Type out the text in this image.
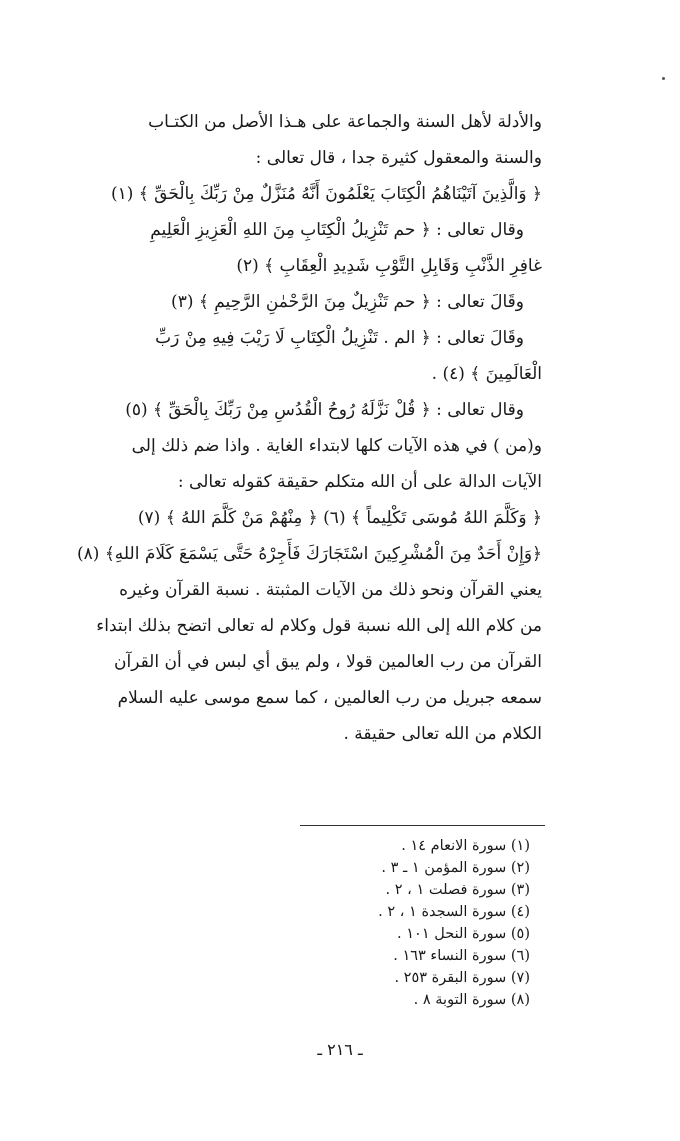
والأدلة لأهل السنة والجماعة على هـذا الأصل من الكتـاب
والسنة والمعقول كثيرة جدا ، قال تعالى :
﴿ وَالَّذِينَ آتَيْنَاهُمُ الْكِتَابَ يَعْلَمُونَ أَنَّهُ مُنَزَّلٌ مِنْ رَبِّكَ بِالْحَقِّ ﴾ (١)
وقال تعالى : ﴿ حم تَنْزِيلُ الْكِتَابِ مِنَ اللهِ الْعَزِيزِ الْعَلِيمِ
غافِرِ الذَّنْبِ وَقَابِلِ التَّوْبِ شَدِيدِ الْعِقَابِ ﴾ (٢)
وقَالَ تعالى : ﴿ حم تَنْزِيلٌ مِنَ الرَّحْمٰنِ الرَّحِيمِ ﴾ (٣)
وقَالَ تعالى : ﴿ الم . تَنْزِيلُ الْكِتَابِ لَا رَيْبَ فِيهِ مِنْ رَبِّ
الْعَالَمِينَ ﴾ (٤) .
وقال تعالى : ﴿ قُلْ نَزَّلَهُ رُوحُ الْقُدُسِ مِنْ رَبِّكَ بِالْحَقِّ ﴾ (٥)
و(من ) في هذه الآيات كلها لابتداء الغاية . واذا ضم ذلك إلى
الآيات الدالة على أن الله متكلم حقيقة كقوله تعالى :
﴿ وَكَلَّمَ اللهُ مُوسَى تَكْلِيماً ﴾ (٦) ﴿ مِنْهُمْ مَنْ كَلَّمَ اللهُ ﴾ (٧)
﴿وَإِنْ أَحَدٌ مِنَ الْمُشْرِكِينَ اسْتَجَارَكَ فَأَجِرْهُ حَتَّى يَسْمَعَ كَلَامَ اللهِ﴾ (٨)
يعني القرآن ونحو ذلك من الآيات المثبتة . نسبة القرآن وغيره
من كلام الله إلى الله نسبة قول وكلام له تعالى اتضح بذلك ابتداء
القرآن من رب العالمين قولا ، ولم يبق أي لبس في أن القرآن
سمعه جبريل من رب العالمين ، كما سمع موسى عليه السلام
الكلام من الله تعالى حقيقة .
(١) سورة الانعام ١٤ .
(٢) سورة المؤمن ١ ـ ٣ .
(٣) سورة فصلت ١ ، ٢ .
(٤) سورة السجدة ١ ، ٢ .
(٥) سورة النحل ١٠١ .
(٦) سورة النساء ١٦٣ .
(٧) سورة البقرة ٢٥٣ .
(٨) سورة التوبة ٨ .
ـ ٢١٦ ـ
